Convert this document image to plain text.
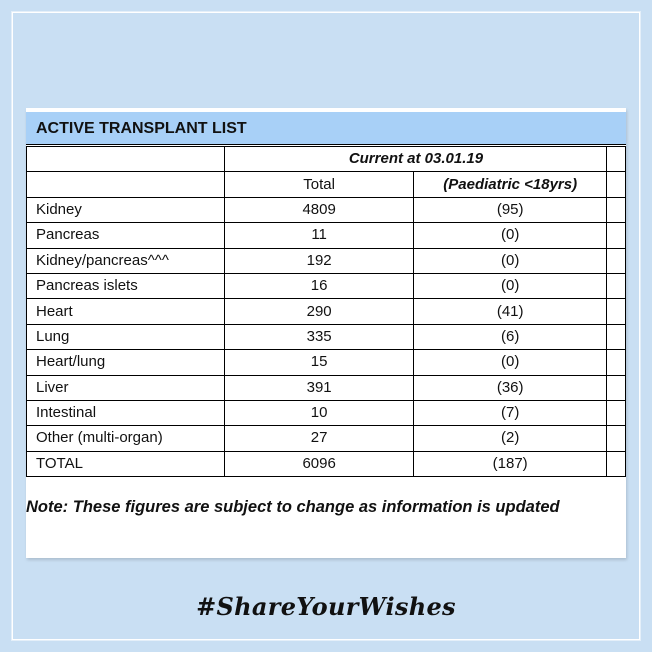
ACTIVE TRANSPLANT LIST
	Current at 03.01.19		
	Total	(Paediatric <18yrs)	
Kidney	4809	(95)	
Pancreas	11	(0)	
Kidney/pancreas^^^	192	(0)	
Pancreas islets	16	(0)	
Heart	290	(41)	
Lung	335	(6)	
Heart/lung	15	(0)	
Liver	391	(36)	
Intestinal	10	(7)	
Other (multi-organ)	27	(2)	
TOTAL	6096	(187)	
Note: These figures are subject to change as information is updated
#ShareYourWishes
